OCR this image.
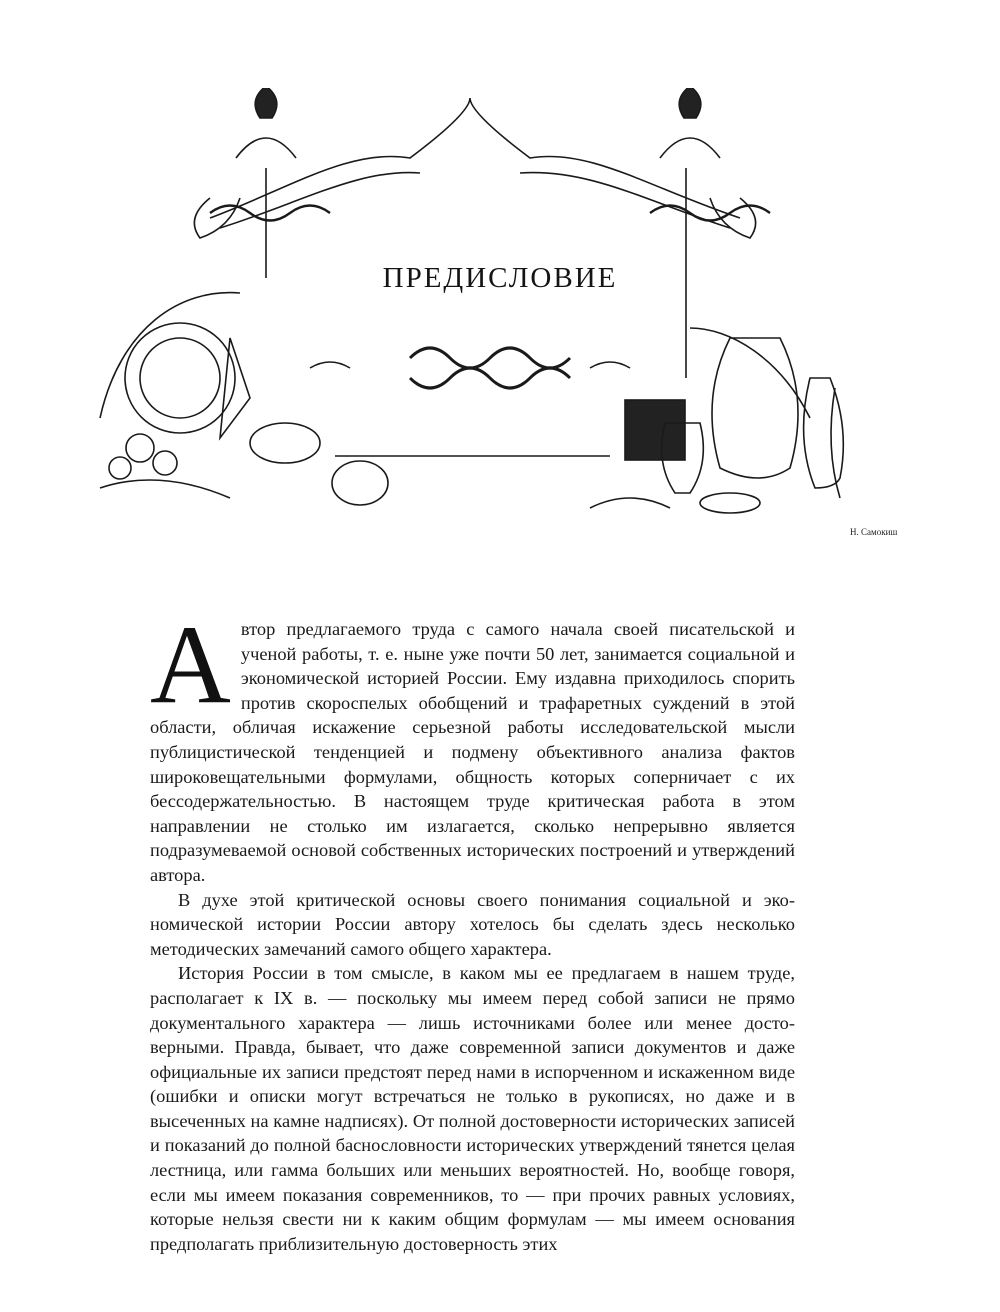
Н. Самокиш
ПРЕДИСЛОВИЕ

Автор предлагаемого труда с самого начала своей писательской и ученой работы, т. е. ныне уже почти 50 лет, занимается социальной и экономической историей России. Ему издавна приходилось спорить против скороспелых обобщений и трафаретных суждений в этой области, обличая искажение серьезной работы исследовательской мысли публицистической тенденцией и подмену объективного анализа фактов широковещательными формулами, общность которых соперничает с их бессодержательностью. В настоящем труде критическая работа в этом направлении не столько им излагается, сколько непрерывно является подразумеваемой основой собственных исторических построений и утверждений автора.

В духе этой критической основы своего понимания социальной и экономической истории России автору хотелось бы сделать здесь несколько методических замечаний самого общего характера.

История России в том смысле, в каком мы ее предлагаем в нашем труде, располагает к IX в. — поскольку мы имеем перед собой записи не прямо документального характера — лишь источниками более или менее достоверными. Правда, бывает, что даже современной записи документов и даже официальные их записи предстоят перед нами в испорченном и искаженном виде (ошибки и описки могут встречаться не только в рукописях, но даже и в высеченных на камне надписях). От полной достоверности исторических записей и показаний до полной баснословности исторических утверждений тянется целая лестница, или гамма больших или меньших вероятностей. Но, вообще говоря, если мы имеем показания современников, то — при прочих равных условиях, которые нельзя свести ни к каким общим формулам — мы имеем основания предполагать приблизительную достоверность этих
